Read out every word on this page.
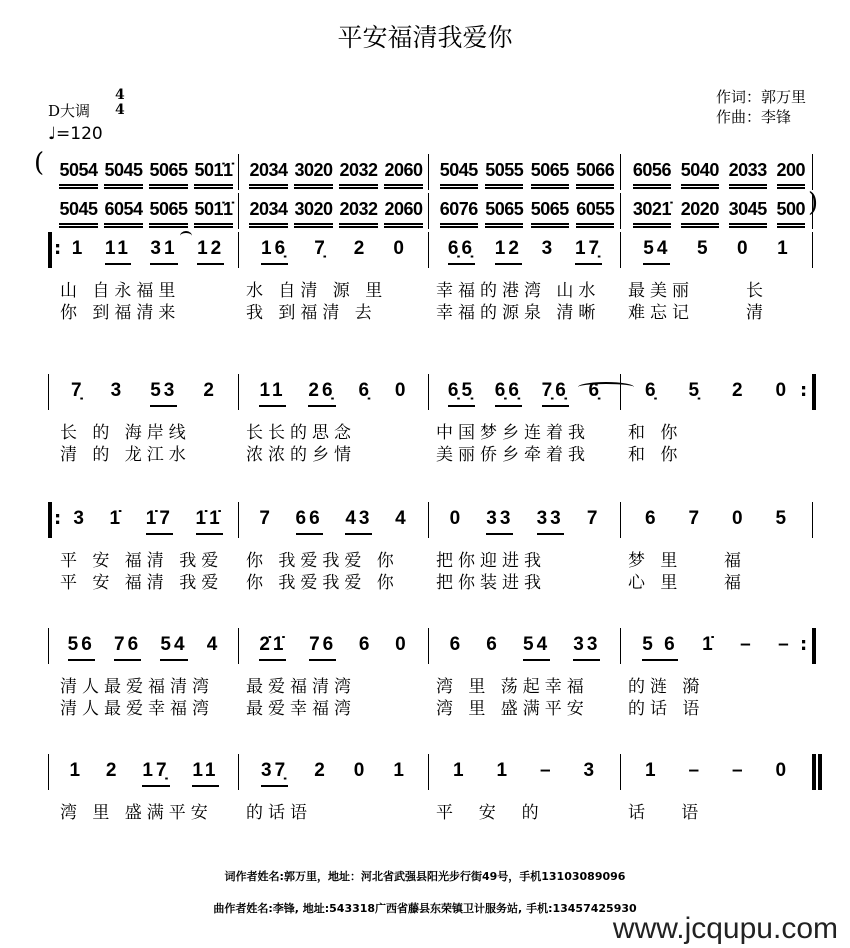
平安福清我爱你
D大调
4
4
♩=120
作词：郭万里
作曲：李锋
(
)
5054 5045 5065 501̇1̇ 2034 3020 2032 2060 5045 5055 5065 5066 6056 5040 2033 200
5045 6054 5065 501̇1̇ 2034 3020 2032 2060 6076 5065 5065 6055 3021̇ 2020 3045 500
1 11 31 12 16̣ 7̣ 2 0 6̣6̣ 12 3 17̣ 54 5 0 1
:
山 自永福里	水 自清 源 里	幸福的港湾 山水 最美丽     长
你 到福清来	我 到福清 去	幸福的源泉 清晰 难忘记     清
7̣ 3 53 2 11 26̣ 6̣ 0 6̣5̣ 6̣6̣ 7̣6̣ 6̣ 6̣ 5̣ 2 0 :
长 的 海岸线	长长的思念	中国梦乡连着我 和 你
清 的 龙江水	浓浓的乡情	美丽侨乡牵着我 和 你
3 1̇ 1̇7 1̇1̇ 7 66 43 4 0 33 33 7 6 7 0 5
:
平 安 福清 我爱 你 我爱我爱 你 把你迎进我	梦 里    福
平 安 福清 我爱 你 我爱我爱 你 把你装进我	心 里    福
56 76 54 4 2̇1̇ 76 6 0 6 6 54 33 5 6 1̇ – – :
清人最爱福清湾 最爱福清湾	湾 里 荡起幸福 的涟 漪
清人最爱幸福湾 最爱幸福湾	湾 里 盛满平安 的话 语
1 2 17̣ 11 37̣ 2 0 1 1 1 – 3	1 – – 0
湾 里 盛满平安 的话语	平  安  的	话   语
词作者姓名:郭万里，地址：河北省武强县阳光步行街49号，手机13103089096
曲作者姓名:李锋, 地址:543318广西省藤县东荣镇卫计服务站, 手机:13457425930
www.jcqupu.com
